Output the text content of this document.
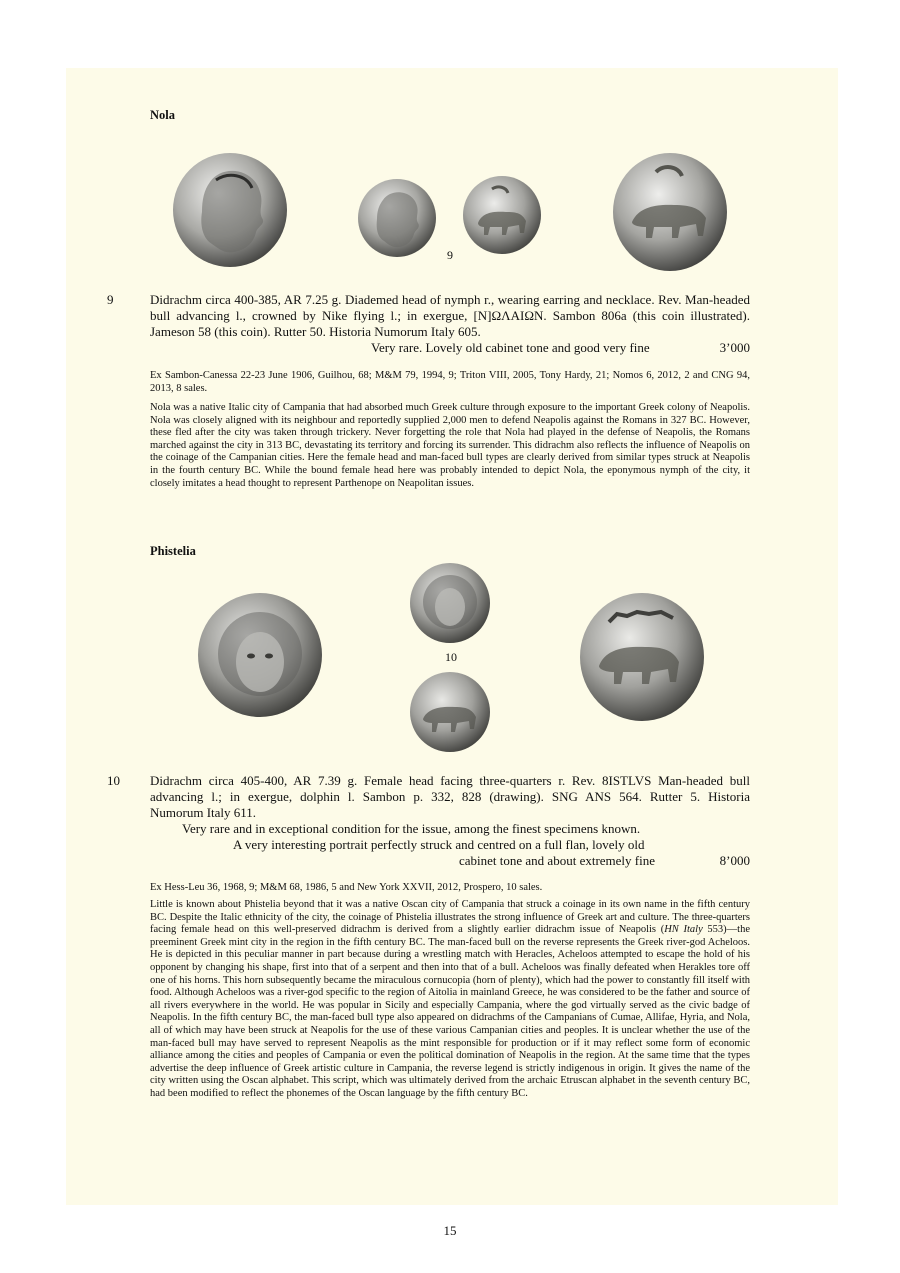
Nola
9
9	Didrachm circa 400-385, AR 7.25 g. Diademed head of nymph r., wearing earring and necklace. Rev. Man-headed bull advancing l., crowned by Nike flying l.; in exergue, [N]ΩΛΑΙΩΝ. Sambon 806a (this coin illustrated). Jameson 58 (this coin). Rutter 50. Historia Numorum Italy 605.
Very rare. Lovely old cabinet tone and good very fine	3’000
Ex Sambon-Canessa 22-23 June 1906, Guilhou, 68; M&M 79, 1994, 9; Triton VIII, 2005, Tony Hardy, 21; Nomos 6, 2012, 2 and CNG 94, 2013, 8 sales.
Nola was a native Italic city of Campania that had absorbed much Greek culture through exposure to the important Greek colony of Neapolis. Nola was closely aligned with its neighbour and reportedly supplied 2,000 men to defend Neapolis against the Romans in 327 BC. However, these fled after the city was taken through trickery. Never forgetting the role that Nola had played in the defense of Neapolis, the Romans marched against the city in 313 BC, devastating its territory and forcing its surrender. This didrachm also reflects the influence of Neapolis on the coinage of the Campanian cities. Here the female head and man-faced bull types are clearly derived from similar types struck at Neapolis in the fourth century BC. While the bound female head here was probably intended to depict Nola, the eponymous nymph of the city, it closely imitates a head thought to represent Parthenope on Neapolitan issues.
Phistelia
10
10 Didrachm circa 405-400, AR 7.39 g. Female head facing three-quarters r. Rev. 8ISTLVS Man-headed bull
advancing l.; in exergue, dolphin l. Sambon p. 332, 828 (drawing). SNG ANS 564. Rutter 5. Historia
Numorum Italy 611.
Very rare and in exceptional condition for the issue, among the finest specimens known.
A very interesting portrait perfectly struck and centred on a full flan, lovely old
cabinet tone and about extremely fine	8’000
Ex Hess-Leu 36, 1968, 9; M&M 68, 1986, 5 and New York XXVII, 2012, Prospero, 10 sales.
Little is known about Phistelia beyond that it was a native Oscan city of Campania that struck a coinage in its own name in the fifth century BC. Despite the Italic ethnicity of the city, the coinage of Phistelia illustrates the strong influence of Greek art and culture. The three-quarters facing female head on this well-preserved didrachm is derived from a slightly earlier didrachm issue of Neapolis (HN Italy 553)—the preeminent Greek mint city in the region in the fifth century BC. The man-faced bull on the reverse represents the Greek river-god Acheloos. He is depicted in this peculiar manner in part because during a wrestling match with Heracles, Acheloos attempted to escape the hold of his opponent by changing his shape, first into that of a serpent and then into that of a bull. Acheloos was finally defeated when Herakles tore off one of his horns. This horn subsequently became the miraculous cornucopia (horn of plenty), which had the power to constantly fill itself with food. Although Acheloos was a river-god specific to the region of Aitolia in mainland Greece, he was considered to be the father and source of all rivers everywhere in the world. He was popular in Sicily and especially Campania, where the god virtually served as the civic badge of Neapolis. In the fifth century BC, the man-faced bull type also appeared on didrachms of the Campanians of Cumae, Allifae, Hyria, and Nola, all of which may have been struck at Neapolis for the use of these various Campanian cities and peoples. It is unclear whether the use of the man-faced bull may have served to represent Neapolis as the mint responsible for production or if it may reflect some form of economic alliance among the cities and peoples of Campania or even the political domination of Neapolis in the region. At the same time that the types advertise the deep influence of Greek artistic culture in Campania, the reverse legend is strictly indigenous in origin. It gives the name of the city written using the Oscan alphabet. This script, which was ultimately derived from the archaic Etruscan alphabet in the seventh century BC, had been modified to reflect the phonemes of the Oscan language by the fifth century BC.
15
